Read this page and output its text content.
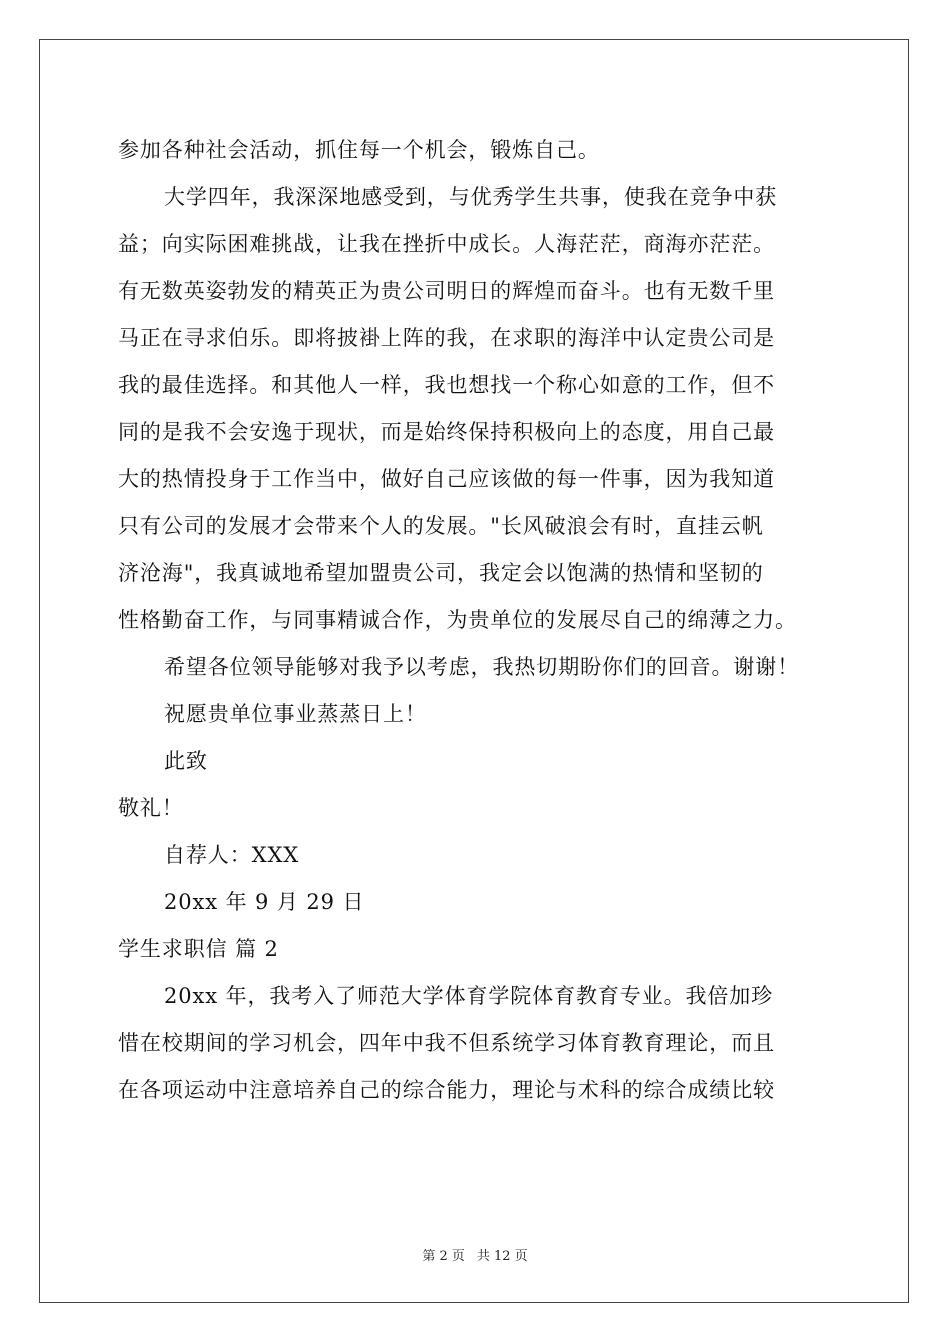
参加各种社会活动，抓住每一个机会，锻炼自己。
大学四年，我深深地感受到，与优秀学生共事，使我在竞争中获
益；向实际困难挑战，让我在挫折中成长。人海茫茫，商海亦茫茫。
有无数英姿勃发的精英正为贵公司明日的辉煌而奋斗。也有无数千里
马正在寻求伯乐。即将披褂上阵的我，在求职的海洋中认定贵公司是
我的最佳选择。和其他人一样，我也想找一个称心如意的工作，但不
同的是我不会安逸于现状，而是始终保持积极向上的态度，用自己最
大的热情投身于工作当中，做好自己应该做的每一件事，因为我知道
只有公司的发展才会带来个人的发展。"长风破浪会有时，直挂云帆
济沧海"，我真诚地希望加盟贵公司，我定会以饱满的热情和坚韧的
性格勤奋工作，与同事精诚合作，为贵单位的发展尽自己的绵薄之力。
希望各位领导能够对我予以考虑，我热切期盼你们的回音。谢谢！
祝愿贵单位事业蒸蒸日上！
此致
敬礼！
自荐人：XXX
20xx 年 9 月 29 日
学生求职信 篇 2
20xx 年，我考入了师范大学体育学院体育教育专业。我倍加珍
惜在校期间的学习机会，四年中我不但系统学习体育教育理论，而且
在各项运动中注意培养自己的综合能力，理论与术科的综合成绩比较
第 2 页 共 12 页
